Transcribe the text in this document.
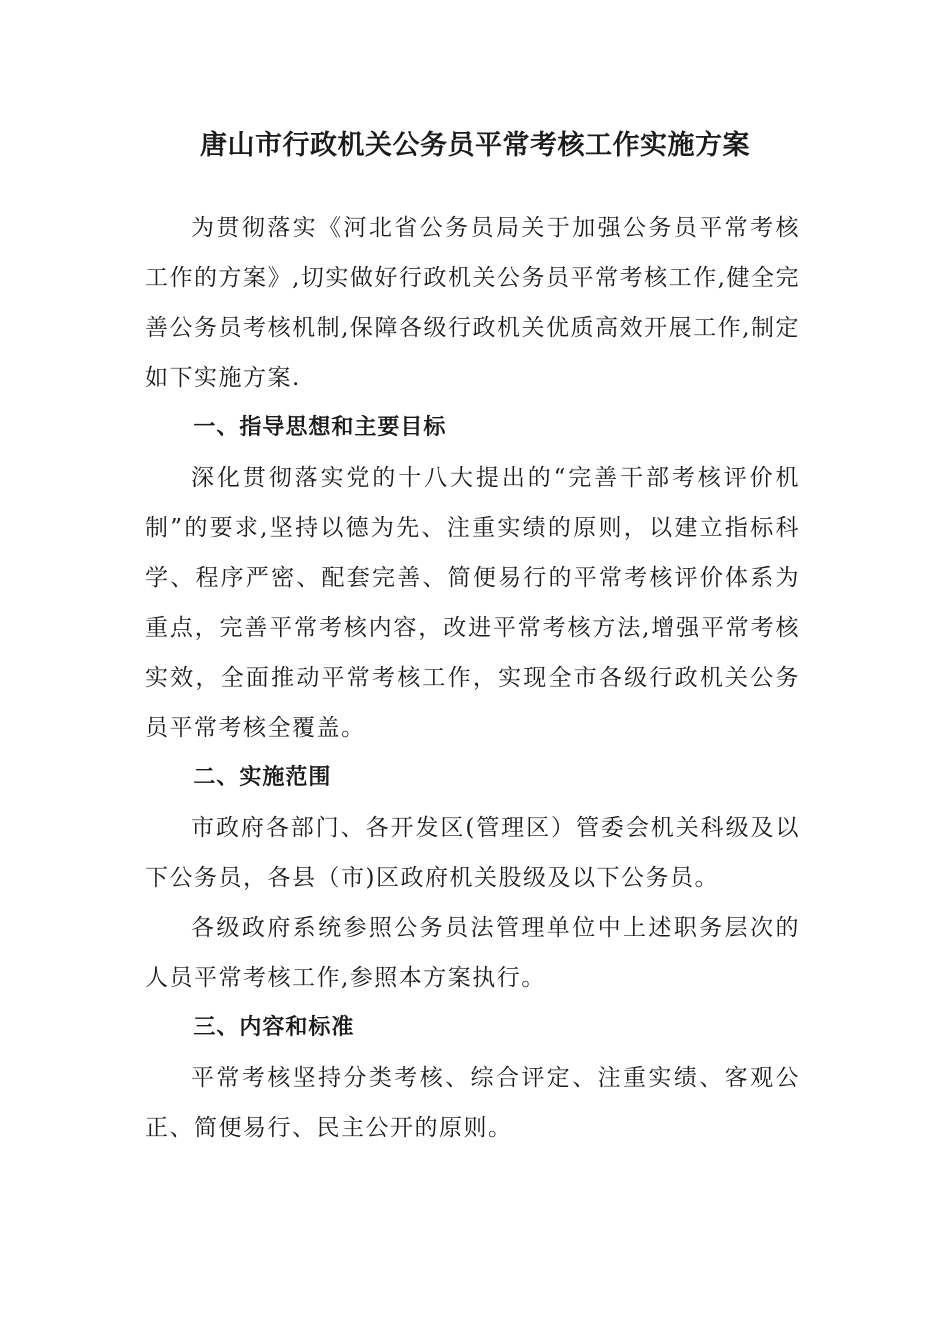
唐山市行政机关公务员平常考核工作实施方案

为贯彻落实《河北省公务员局关于加强公务员平常考核工作的方案》,切实做好行政机关公务员平常考核工作,健全完善公务员考核机制,保障各级行政机关优质高效开展工作,制定如下实施方案.

一、指导思想和主要目标

深化贯彻落实党的十八大提出的“完善干部考核评价机制”的要求,坚持以德为先、注重实绩的原则，以建立指标科学、程序严密、配套完善、简便易行的平常考核评价体系为重点，完善平常考核内容，改进平常考核方法,增强平常考核实效，全面推动平常考核工作，实现全市各级行政机关公务员平常考核全覆盖。

二、实施范围

市政府各部门、各开发区(管理区）管委会机关科级及以下公务员，各县（市)区政府机关股级及以下公务员。

各级政府系统参照公务员法管理单位中上述职务层次的人员平常考核工作,参照本方案执行。

三、内容和标准

平常考核坚持分类考核、综合评定、注重实绩、客观公正、简便易行、民主公开的原则。
